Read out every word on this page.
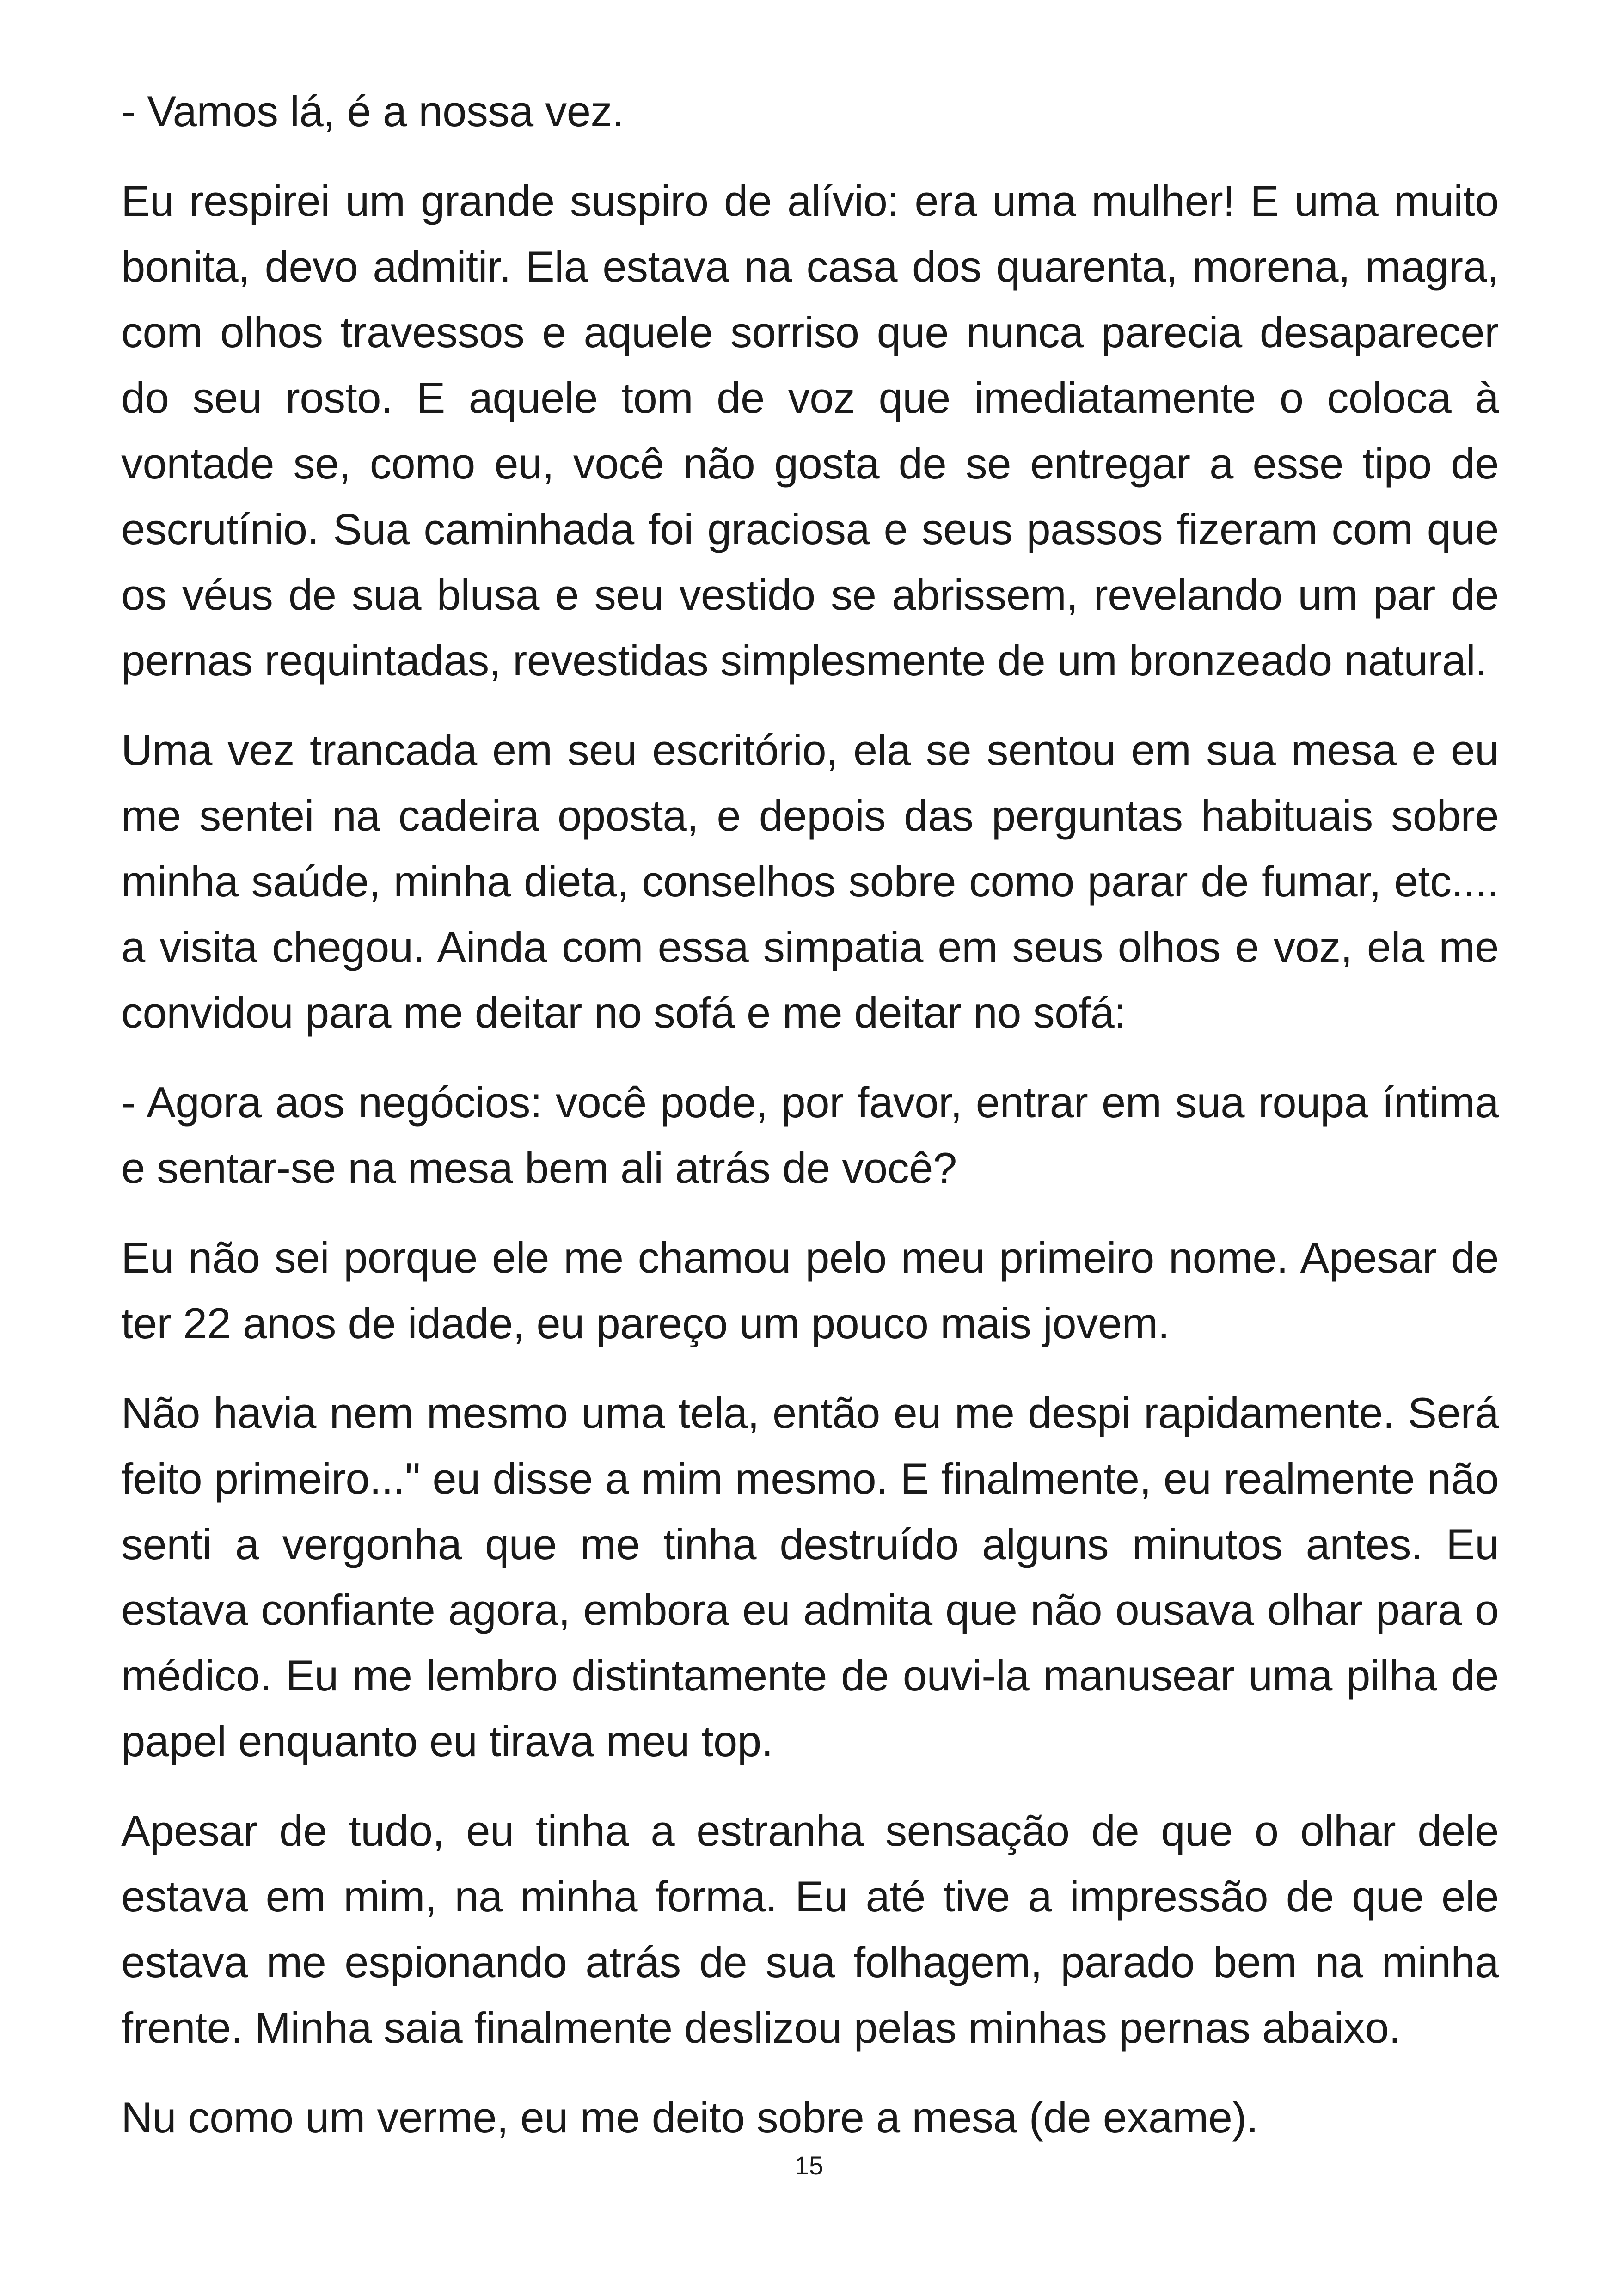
- Vamos lá, é a nossa vez.

Eu respirei um grande suspiro de alívio: era uma mulher! E uma muito bonita, devo admitir. Ela estava na casa dos quarenta, morena, magra, com olhos travessos e aquele sorriso que nunca parecia desaparecer do seu rosto. E aquele tom de voz que imediatamente o coloca à vontade se, como eu, você não gosta de se entregar a esse tipo de escrutínio. Sua caminhada foi graciosa e seus passos fizeram com que os véus de sua blusa e seu vestido se abrissem, revelando um par de pernas requintadas, revestidas simplesmente de um bronzeado natural.

Uma vez trancada em seu escritório, ela se sentou em sua mesa e eu me sentei na cadeira oposta, e depois das perguntas habituais sobre minha saúde, minha dieta, conselhos sobre como parar de fumar, etc.... a visita chegou. Ainda com essa simpatia em seus olhos e voz, ela me convidou para me deitar no sofá e me deitar no sofá:

- Agora aos negócios: você pode, por favor, entrar em sua roupa íntima e sentar-se na mesa bem ali atrás de você?

Eu não sei porque ele me chamou pelo meu primeiro nome. Apesar de ter 22 anos de idade, eu pareço um pouco mais jovem.

Não havia nem mesmo uma tela, então eu me despi rapidamente. Será feito primeiro..." eu disse a mim mesmo. E finalmente, eu realmente não senti a vergonha que me tinha destruído alguns minutos antes. Eu estava confiante agora, embora eu admita que não ousava olhar para o médico. Eu me lembro distintamente de ouvi-la manusear uma pilha de papel enquanto eu tirava meu top.

Apesar de tudo, eu tinha a estranha sensação de que o olhar dele estava em mim, na minha forma. Eu até tive a impressão de que ele estava me espionando atrás de sua folhagem, parado bem na minha frente. Minha saia finalmente deslizou pelas minhas pernas abaixo.

Nu como um verme, eu me deito sobre a mesa (de exame).

15
